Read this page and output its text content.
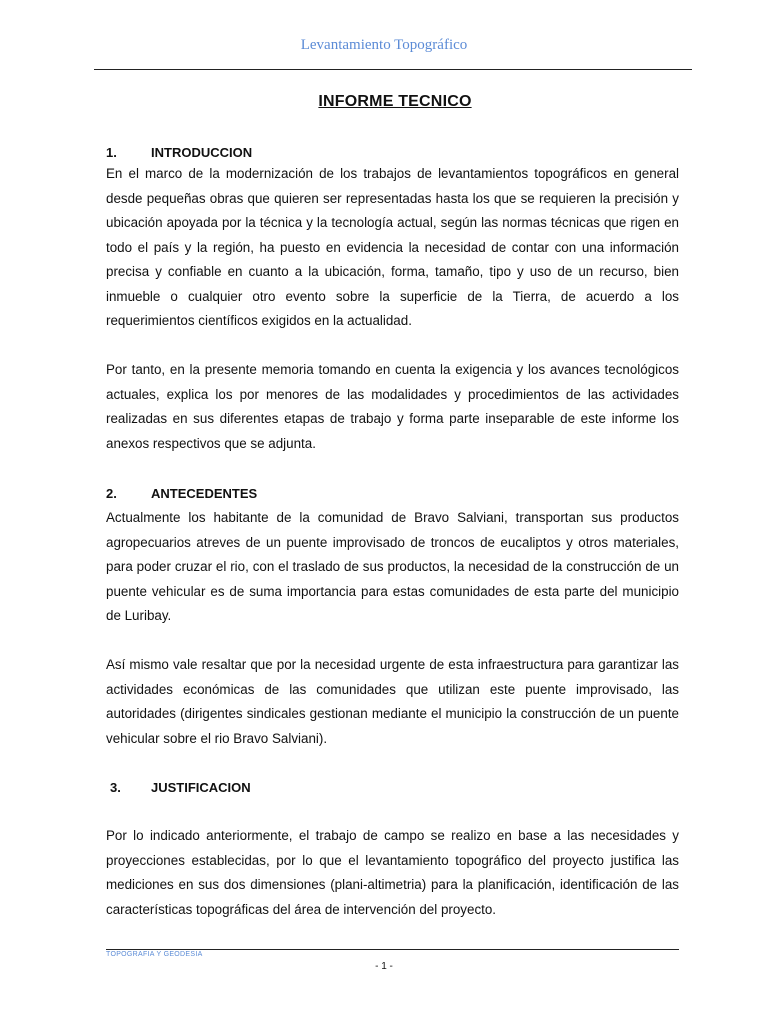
Levantamiento Topográfico
INFORME TECNICO
1.	INTRODUCCION

En el marco de la modernización de los trabajos de levantamientos topográficos en general desde pequeñas obras que quieren ser representadas hasta los que se requieren la precisión y ubicación apoyada por la técnica y la tecnología actual, según las normas técnicas que rigen en todo el país y la región, ha puesto en evidencia la necesidad de contar con una información precisa y confiable en cuanto a la ubicación, forma, tamaño, tipo y uso de un recurso, bien inmueble o cualquier otro evento sobre la superficie de la Tierra, de acuerdo a los requerimientos científicos exigidos en la actualidad.

Por tanto, en la presente memoria tomando en cuenta la exigencia y los avances tecnológicos actuales, explica los por menores de las modalidades y procedimientos de las actividades realizadas en sus diferentes etapas de trabajo y forma parte inseparable de este informe los anexos respectivos que se adjunta.

2.	ANTECEDENTES

Actualmente los habitante de la comunidad de Bravo Salviani, transportan sus productos agropecuarios atreves de un puente improvisado de troncos de eucaliptos y otros materiales, para poder cruzar el rio, con el traslado de sus productos, la necesidad de la construcción de un puente vehicular es de suma importancia para estas comunidades de esta parte del municipio de Luribay.

Así mismo vale resaltar que por la necesidad urgente de esta infraestructura para garantizar las actividades económicas de las comunidades que utilizan este puente improvisado, las autoridades (dirigentes sindicales gestionan mediante el municipio la construcción de un puente vehicular sobre el rio Bravo Salviani).

3. JUSTIFICACION

Por lo indicado anteriormente, el trabajo de campo se realizo en base a las necesidades y proyecciones establecidas, por lo que el levantamiento topográfico del proyecto justifica las mediciones en sus dos dimensiones (plani-altimetria) para la planificación, identificación de las características topográficas del área de intervención del proyecto.

TOPOGRAFIA Y GEODESIA
- 1 -
